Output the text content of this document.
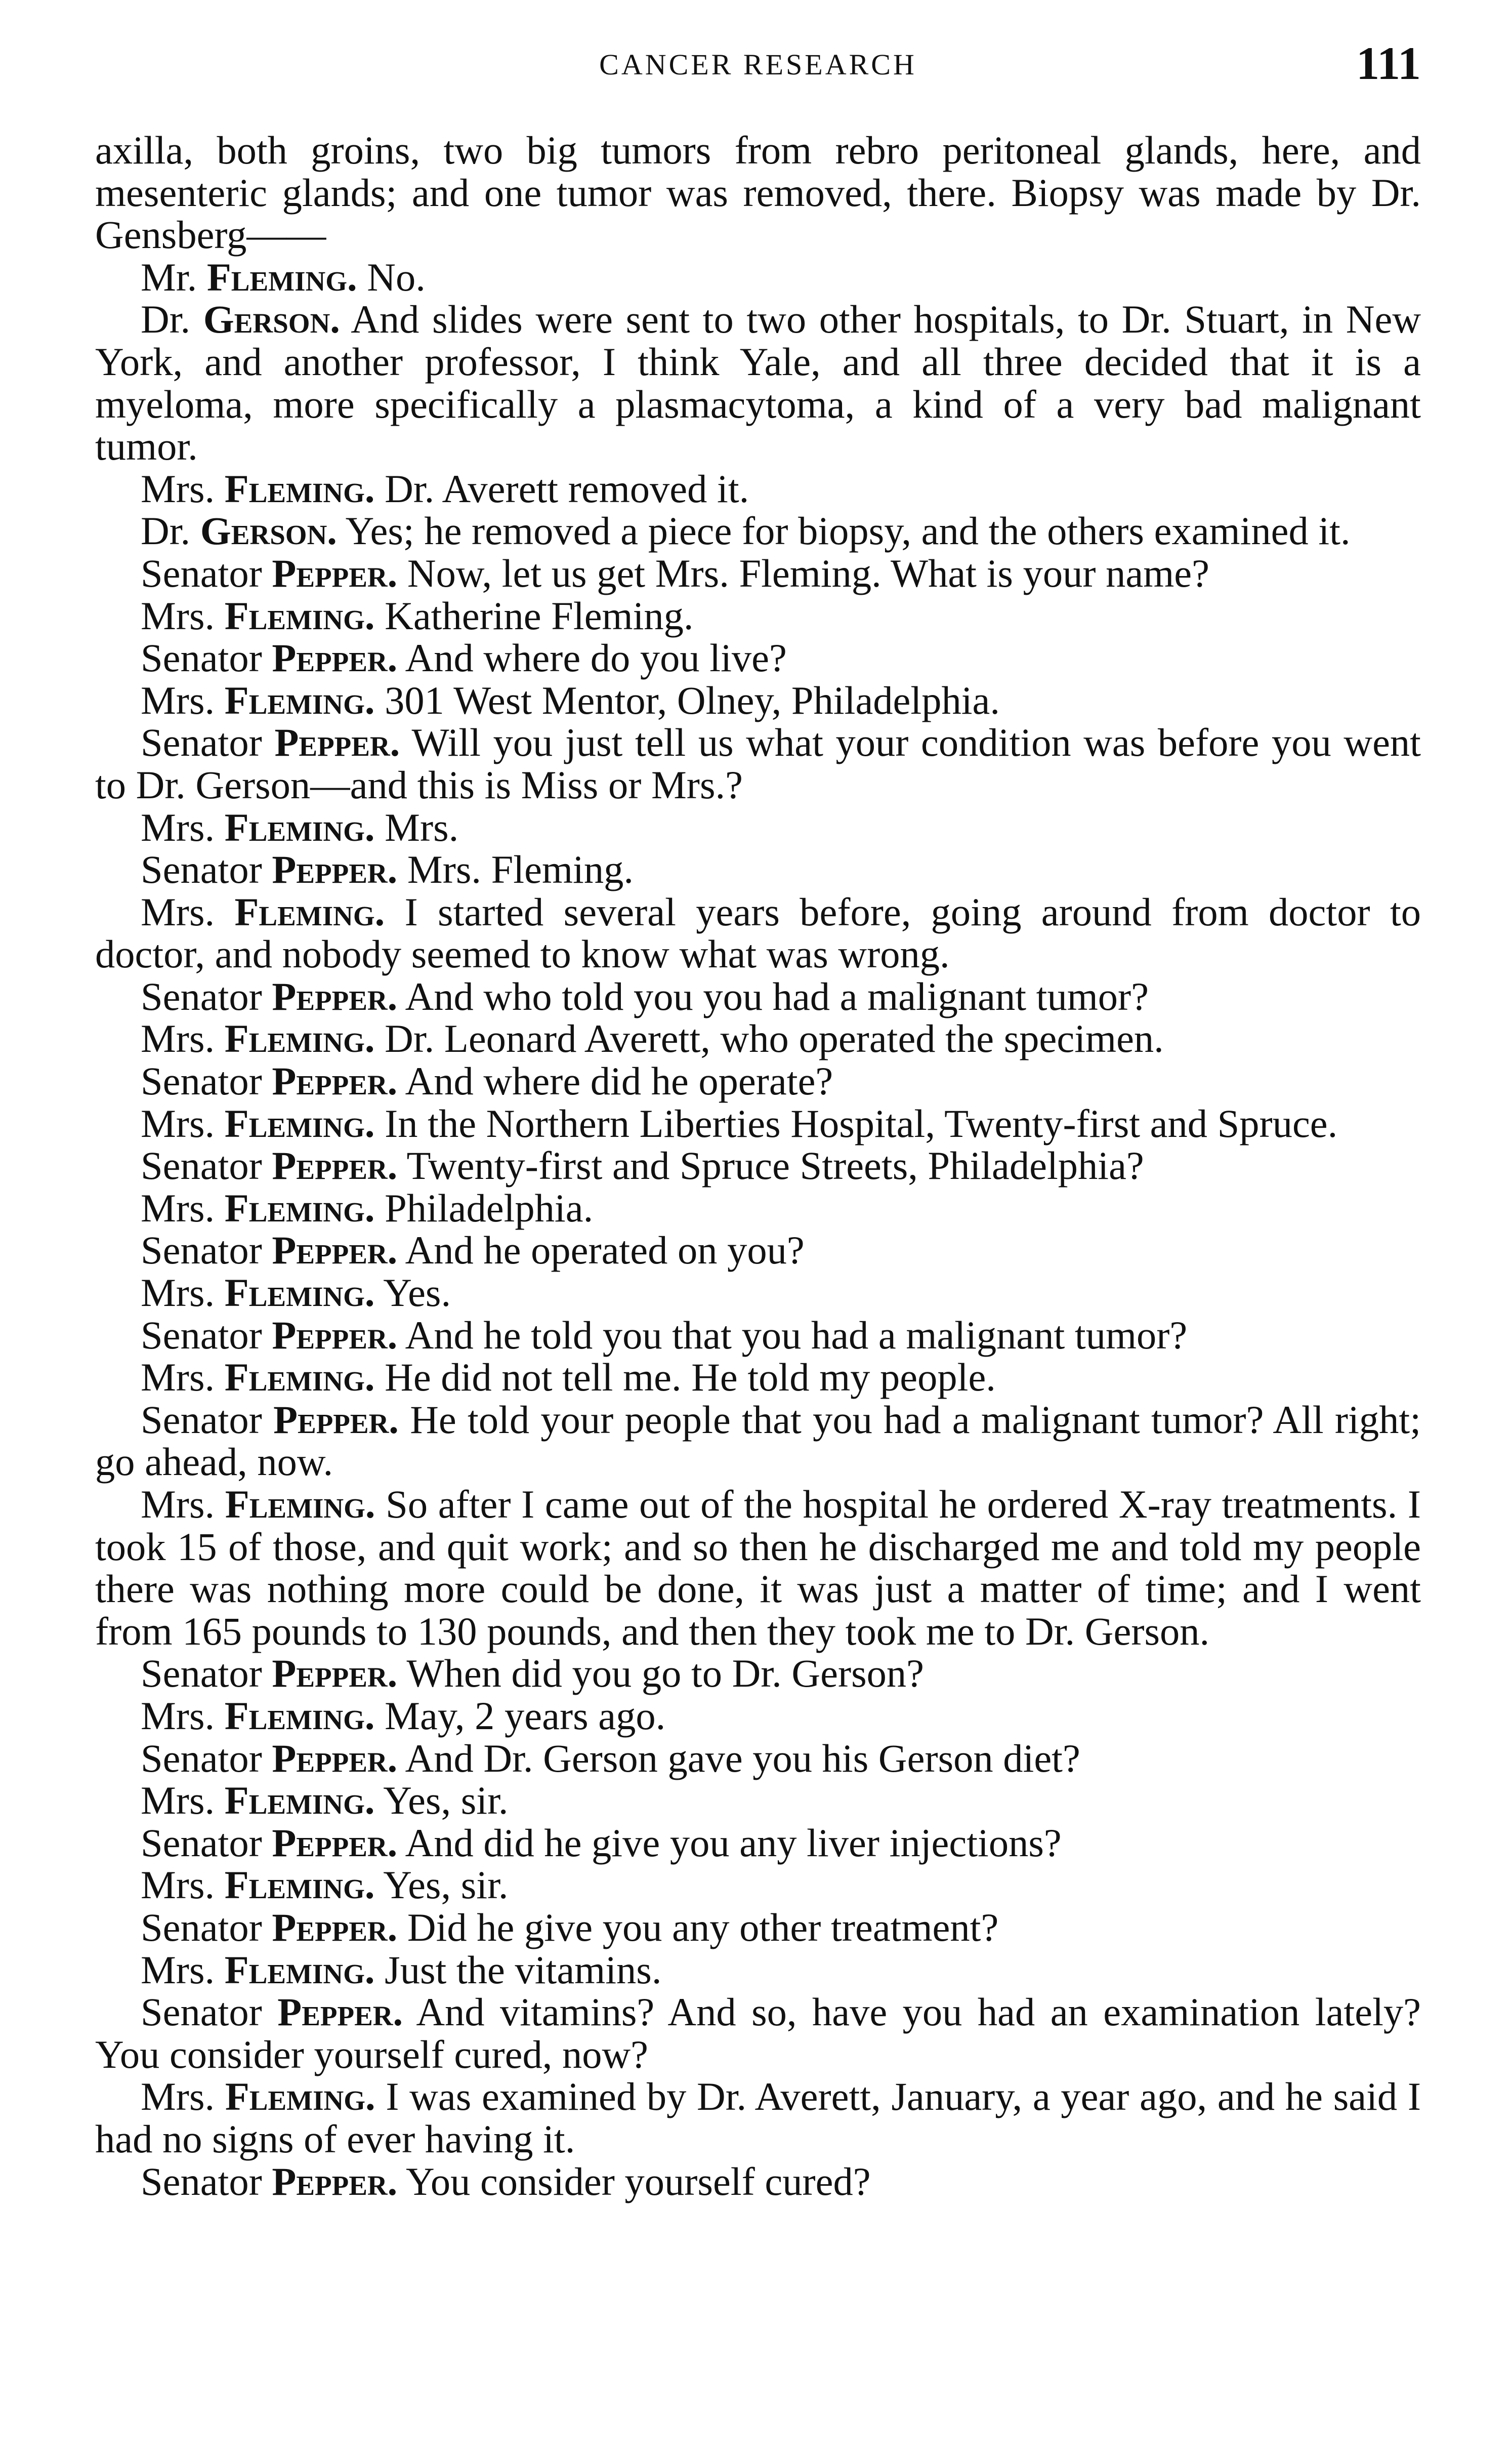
CANCER RESEARCH	111

axilla, both groins, two big tumors from rebro peritoneal glands, here, and mesenteric glands; and one tumor was removed, there. Biopsy was made by Dr. Gensberg——

Mr. Fleming. No.

Dr. Gerson. And slides were sent to two other hospitals, to Dr. Stuart, in New York, and another professor, I think Yale, and all three decided that it is a myeloma, more specifically a plasmacytoma, a kind of a very bad malignant tumor.

Mrs. Fleming. Dr. Averett removed it.

Dr. Gerson. Yes; he removed a piece for biopsy, and the others examined it.

Senator Pepper. Now, let us get Mrs. Fleming. What is your name?

Mrs. Fleming. Katherine Fleming.

Senator Pepper. And where do you live?

Mrs. Fleming. 301 West Mentor, Olney, Philadelphia.

Senator Pepper. Will you just tell us what your condition was before you went to Dr. Gerson—and this is Miss or Mrs.?

Mrs. Fleming. Mrs.

Senator Pepper. Mrs. Fleming.

Mrs. Fleming. I started several years before, going around from doctor to doctor, and nobody seemed to know what was wrong.

Senator Pepper. And who told you you had a malignant tumor?

Mrs. Fleming. Dr. Leonard Averett, who operated the specimen.

Senator Pepper. And where did he operate?

Mrs. Fleming. In the Northern Liberties Hospital, Twenty-first and Spruce.

Senator Pepper. Twenty-first and Spruce Streets, Philadelphia?

Mrs. Fleming. Philadelphia.

Senator Pepper. And he operated on you?

Mrs. Fleming. Yes.

Senator Pepper. And he told you that you had a malignant tumor?

Mrs. Fleming. He did not tell me. He told my people.

Senator Pepper. He told your people that you had a malignant tumor? All right; go ahead, now.

Mrs. Fleming. So after I came out of the hospital he ordered X-ray treatments. I took 15 of those, and quit work; and so then he discharged me and told my people there was nothing more could be done, it was just a matter of time; and I went from 165 pounds to 130 pounds, and then they took me to Dr. Gerson.

Senator Pepper. When did you go to Dr. Gerson?

Mrs. Fleming. May, 2 years ago.

Senator Pepper. And Dr. Gerson gave you his Gerson diet?

Mrs. Fleming. Yes, sir.

Senator Pepper. And did he give you any liver injections?

Mrs. Fleming. Yes, sir.

Senator Pepper. Did he give you any other treatment?

Mrs. Fleming. Just the vitamins.

Senator Pepper. And vitamins? And so, have you had an examination lately? You consider yourself cured, now?

Mrs. Fleming. I was examined by Dr. Averett, January, a year ago, and he said I had no signs of ever having it.

Senator Pepper. You consider yourself cured?
